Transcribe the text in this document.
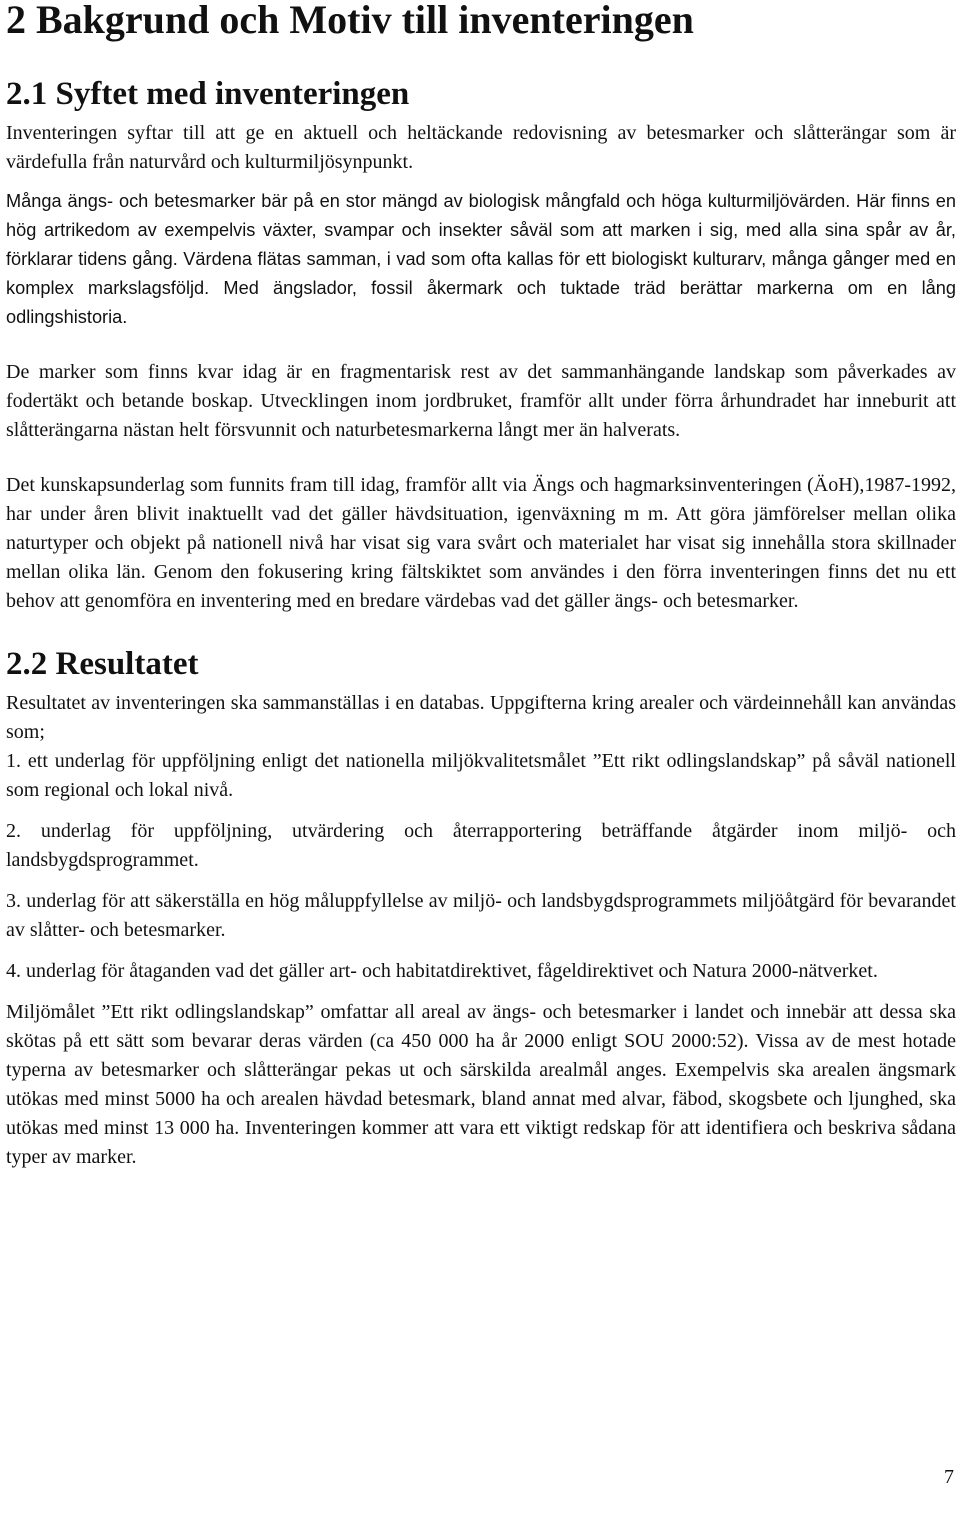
2 Bakgrund och Motiv till inventeringen
2.1 Syftet med inventeringen

Inventeringen syftar till att ge en aktuell och heltäckande redovisning av betesmarker och slåtterängar som är värdefulla från naturvård och kulturmiljösynpunkt.

Många ängs- och betesmarker bär på en stor mängd av biologisk mångfald och höga kulturmiljövärden. Här finns en hög artrikedom av exempelvis växter, svampar och insekter såväl som att marken i sig, med alla sina spår av år, förklarar tidens gång. Värdena flätas samman, i vad som ofta kallas för ett biologiskt kulturarv, många gånger med en komplex markslagsföljd. Med ängslador, fossil åkermark och tuktade träd berättar markerna om en lång odlingshistoria.

De marker som finns kvar idag är en fragmentarisk rest av det sammanhängande landskap som påverkades av fodertäkt och betande boskap. Utvecklingen inom jordbruket, framför allt under förra århundradet har inneburit att slåtterängarna nästan helt försvunnit och naturbetesmarkerna långt mer än halverats.

Det kunskapsunderlag som funnits fram till idag, framför allt via Ängs och hagmarksinventeringen (ÄoH),1987-1992, har under åren blivit inaktuellt vad det gäller hävdsituation, igenväxning m m. Att göra jämförelser mellan olika naturtyper och objekt på nationell nivå har visat sig vara svårt och materialet har visat sig innehålla stora skillnader mellan olika län. Genom den fokusering kring fältskiktet som användes i den förra inventeringen finns det nu ett behov att genomföra en inventering med en bredare värdebas vad det gäller ängs- och betesmarker.

2.2 Resultatet

Resultatet av inventeringen ska sammanställas i en databas. Uppgifterna kring arealer och värdeinnehåll kan användas som;

1. ett underlag för uppföljning enligt det nationella miljökvalitetsmålet ”Ett rikt odlingslandskap” på såväl nationell som regional och lokal nivå.

2. underlag för uppföljning, utvärdering och återrapportering beträffande åtgärder inom miljö- och landsbygdsprogrammet.

3. underlag för att säkerställa en hög måluppfyllelse av miljö- och landsbygdsprogrammets miljöåtgärd för bevarandet av slåtter- och betesmarker.

4. underlag för åtaganden vad det gäller art- och habitatdirektivet, fågeldirektivet och Natura 2000-nätverket.

Miljömålet ”Ett rikt odlingslandskap” omfattar all areal av ängs- och betesmarker i landet och innebär att dessa ska skötas på ett sätt som bevarar deras värden (ca 450 000 ha år 2000 enligt SOU 2000:52). Vissa av de mest hotade typerna av betesmarker och slåtterängar pekas ut och särskilda arealmål anges. Exempelvis ska arealen ängsmark utökas med minst 5000 ha och arealen hävdad betesmark, bland annat med alvar, fäbod, skogsbete och ljunghed, ska utökas med minst 13 000 ha. Inventeringen kommer att vara ett viktigt redskap för att identifiera och beskriva sådana typer av marker.

7
